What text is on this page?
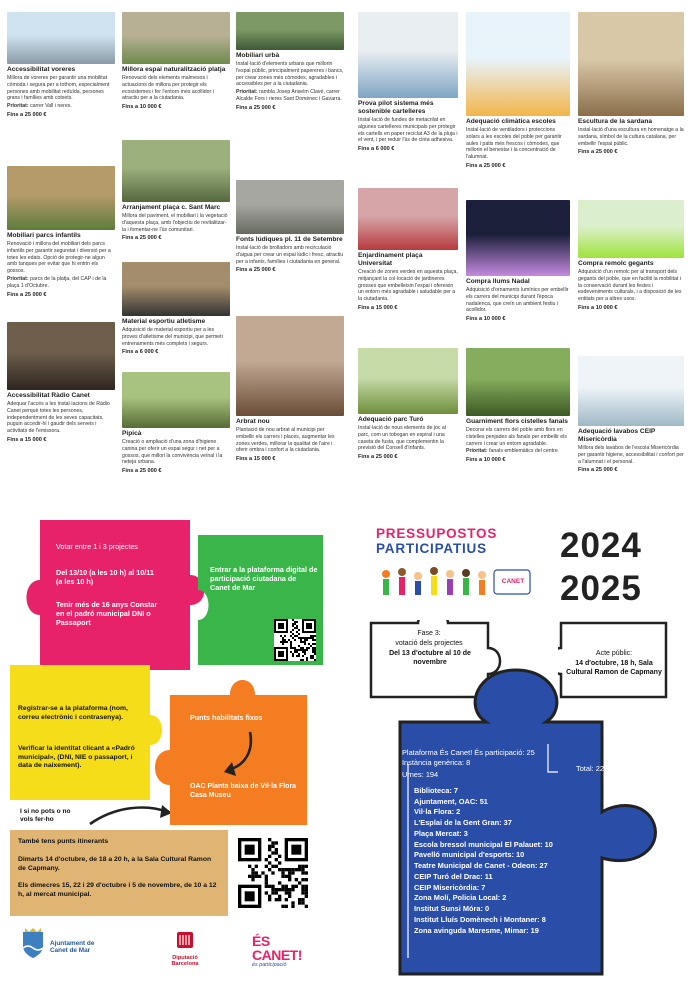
Accessibilitat voreres
Millora de voreres per garantir una mobilitat còmoda i segura per a tothom, especialment persones amb mobilitat reduïda, persones grans i famílies amb cotxets.
Prioritat: carrer Vall i neres.
Fins a 25 000 €
Millora espai naturalització platja
Renovació dels elements malmesos i actuacions de millora per protegir els ecosistemes i fer l'entorn més acollidor i atractiu per a la ciutadania.
Fins a 10 000 €
Mobiliari urbà
Instal·lació d'elements urbans que millorin l'espai públic, principalment papereres i bancs, per crear zones més còmodes, agradables i accessibles per a la ciutadania.
Prioritat: rambla Josep Anselm Clavé, carrer Alcalde Fors i rieres Sant Domènec i Gavarra.
Fins a 25 000 €
Prova pilot sistema més sostenible cartelleres
Instal·lació de fundes de metacrilat en algunes cartelleres municipals per protegir els cartells en paper reciclat A3 de la pluja i el vent, i per reduir l'ús de cinta adhesiva.
Fins a 6 000 €
Adequació climàtica escoles
Instal·lació de ventiladors i proteccions solars a les escoles del poble per garantir aules i patis més frescos i còmodes, que millorin el benestar i la concentració de l'alumnat.
Fins a 25 000 €
Escultura de la sardana
Instal·lació d'una escultura en homenatge a la sardana, símbol de la cultura catalana, per embellir l'espai públic.
Fins a 25 000 €
Mobiliari parcs infantils
Renovació i millora del mobiliari dels parcs infantils per garantir seguretat i diversió per a totes les edats. Opció de protegir-ne algun amb tanques per evitar que hi entrin els gossos.
Prioritat: parcs de la platja, del CAP i de la plaça 1 d'Octubre.
Fins a 25 000 €
Arranjament plaça c. Sant Marc
Millora del paviment, el mobiliari i la vegetació d'aquesta plaça, amb l'objectiu de revitalitzar-la i fomentar-ne l'ús comunitari.
Fins a 25 000 €	Fonts lúdiques pl. 11 de Setembre
Instal·lació de brolladors amb recirculació d'aigua per crear un espai lúdic i fresc, atractiu per a infants, famílies i ciutadania en general.
Fins a 25 000 €
Enjardinament plaça Universitat
Creació de zones verdes en aquesta plaça, mitjançant la col·locació de jardineres grosses que embelleixin l'espai i ofereixin un entorn més agradable i saludable per a la ciutadania.
Fins a 15 000 €
Compra llums Nadal
Adquisició d'ornaments lumínics per embellir els carrers del municipi durant l'època nadalenca, que creïn un ambient festiu i acollidor.
Fins a 10 000 €
Compra remolc gegants
Adquisició d'un remolc per al transport dels gegants del poble, que en faciliti la mobilitat i la conservació durant les festes i esdeveniments culturals, i a disposició de les entitats per a altres usos.
Fins a 10 000 €
Material esportiu atletisme
Adquisició de material esportiu per a les proves d'atletisme del municipi, que permeti entrenaments més complets i segurs.
Fins a 6 000 €
Accessibilitat Ràdio Canet
Adequar l'accés a les instal·lacions de Ràdio Canet perquè totes les persones, independentment de les seves capacitats, puguin accedir-hi i gaudir dels serveis i activitats de l'emissora.
Fins a 15 000 €
Pipicà
Creació o ampliació d'una zona d'higiene canina per oferir un espai segur i net per a gossos, que millori la convivència veïnal i la neteja urbana.
Fins a 25 000 €
Arbrat nou
Plantació de nou arbrat al municipi per embellir els carrers i places, augmentar les zones verdes, millorar la qualitat de l'aire i oferir ombra i confort a la ciutadania.
Fins a 15 000 €
Adequació parc Turó
Instal·lació de nous elements de joc al parc, com un tobogan en espiral i una caseta de fusta, que complementin la previsió del Consell d'Infants.
Fins a 25 000 €
Guarniment flors cistelles fanals
Decorar els carrers del poble amb flors en cistelles penjades als fanals per embellir els carrers i crear un entorn agradable.
Prioritat: fanals emblemàtics del centre.
Fins a 10 000 €
Adequació lavabos CEIP Misericòrdia
Millora dels lavabos de l'escola Misericòrdia per garantir higiene, accessibilitat i confort per a l'alumnat i el personal.
Fins a 25 000 €
Votar entre 1 i 3 projectes
Del 13/10 (a les 10 h) al 10/11 (a les 10 h)
Tenir més de 16 anys Constar en el padró municipal DNI o Passaport
Entrar a la plataforma digital de participació ciutadana de Canet de Mar
Registrar-se a la plataforma (nom, correu electrònic i contrasenya).
Verificar la identitat clicant a «Padró municipal», (DNI, NIE o passaport, i data de naixement).
I si no pots o no vols fer-ho
Punts habilitats fixos
OAC Planta baixa de Vil·la Flora Casa Museu
També tens punts itinerants
Dimarts 14 d'octubre, de 18 a 20 h, a la Sala Cultural Ramon de Capmany.
Els dimecres 15, 22 i 29 d'octubre i 5 de novembre, de 10 a 12 h, al mercat municipal.
Ajuntament de Canet de Mar
Diputació Barcelona
ÉS CANET!
és participació
PRESSUPOSTOS
PARTICIPATIUS
CANET
2024
2025
Fase 3:
votació dels projectes
Del 13 d'octubre al 10 de novembre
Acte públic:
14 d'octubre, 18 h, Sala Cultural Ramon de Capmany
Plataforma És Canet! És participació: 25
Instància genèrica: 8
Urnes: 194
Total: 227
Biblioteca: 7
Ajuntament, OAC: 51
Vil·la Flora: 2
L'Esplai de la Gent Gran: 37
Plaça Mercat: 3
Escola bressol municipal El Palauet: 10
Pavelló municipal d'esports: 10
Teatre Municipal de Canet - Odeon: 27
CEIP Turó del Drac: 11
CEIP Misericòrdia: 7
Zona Molí, Policia Local: 2
Institut Sunsi Móra: 0
Institut Lluís Domènech i Montaner: 8
Zona avinguda Maresme, Mimar: 19
